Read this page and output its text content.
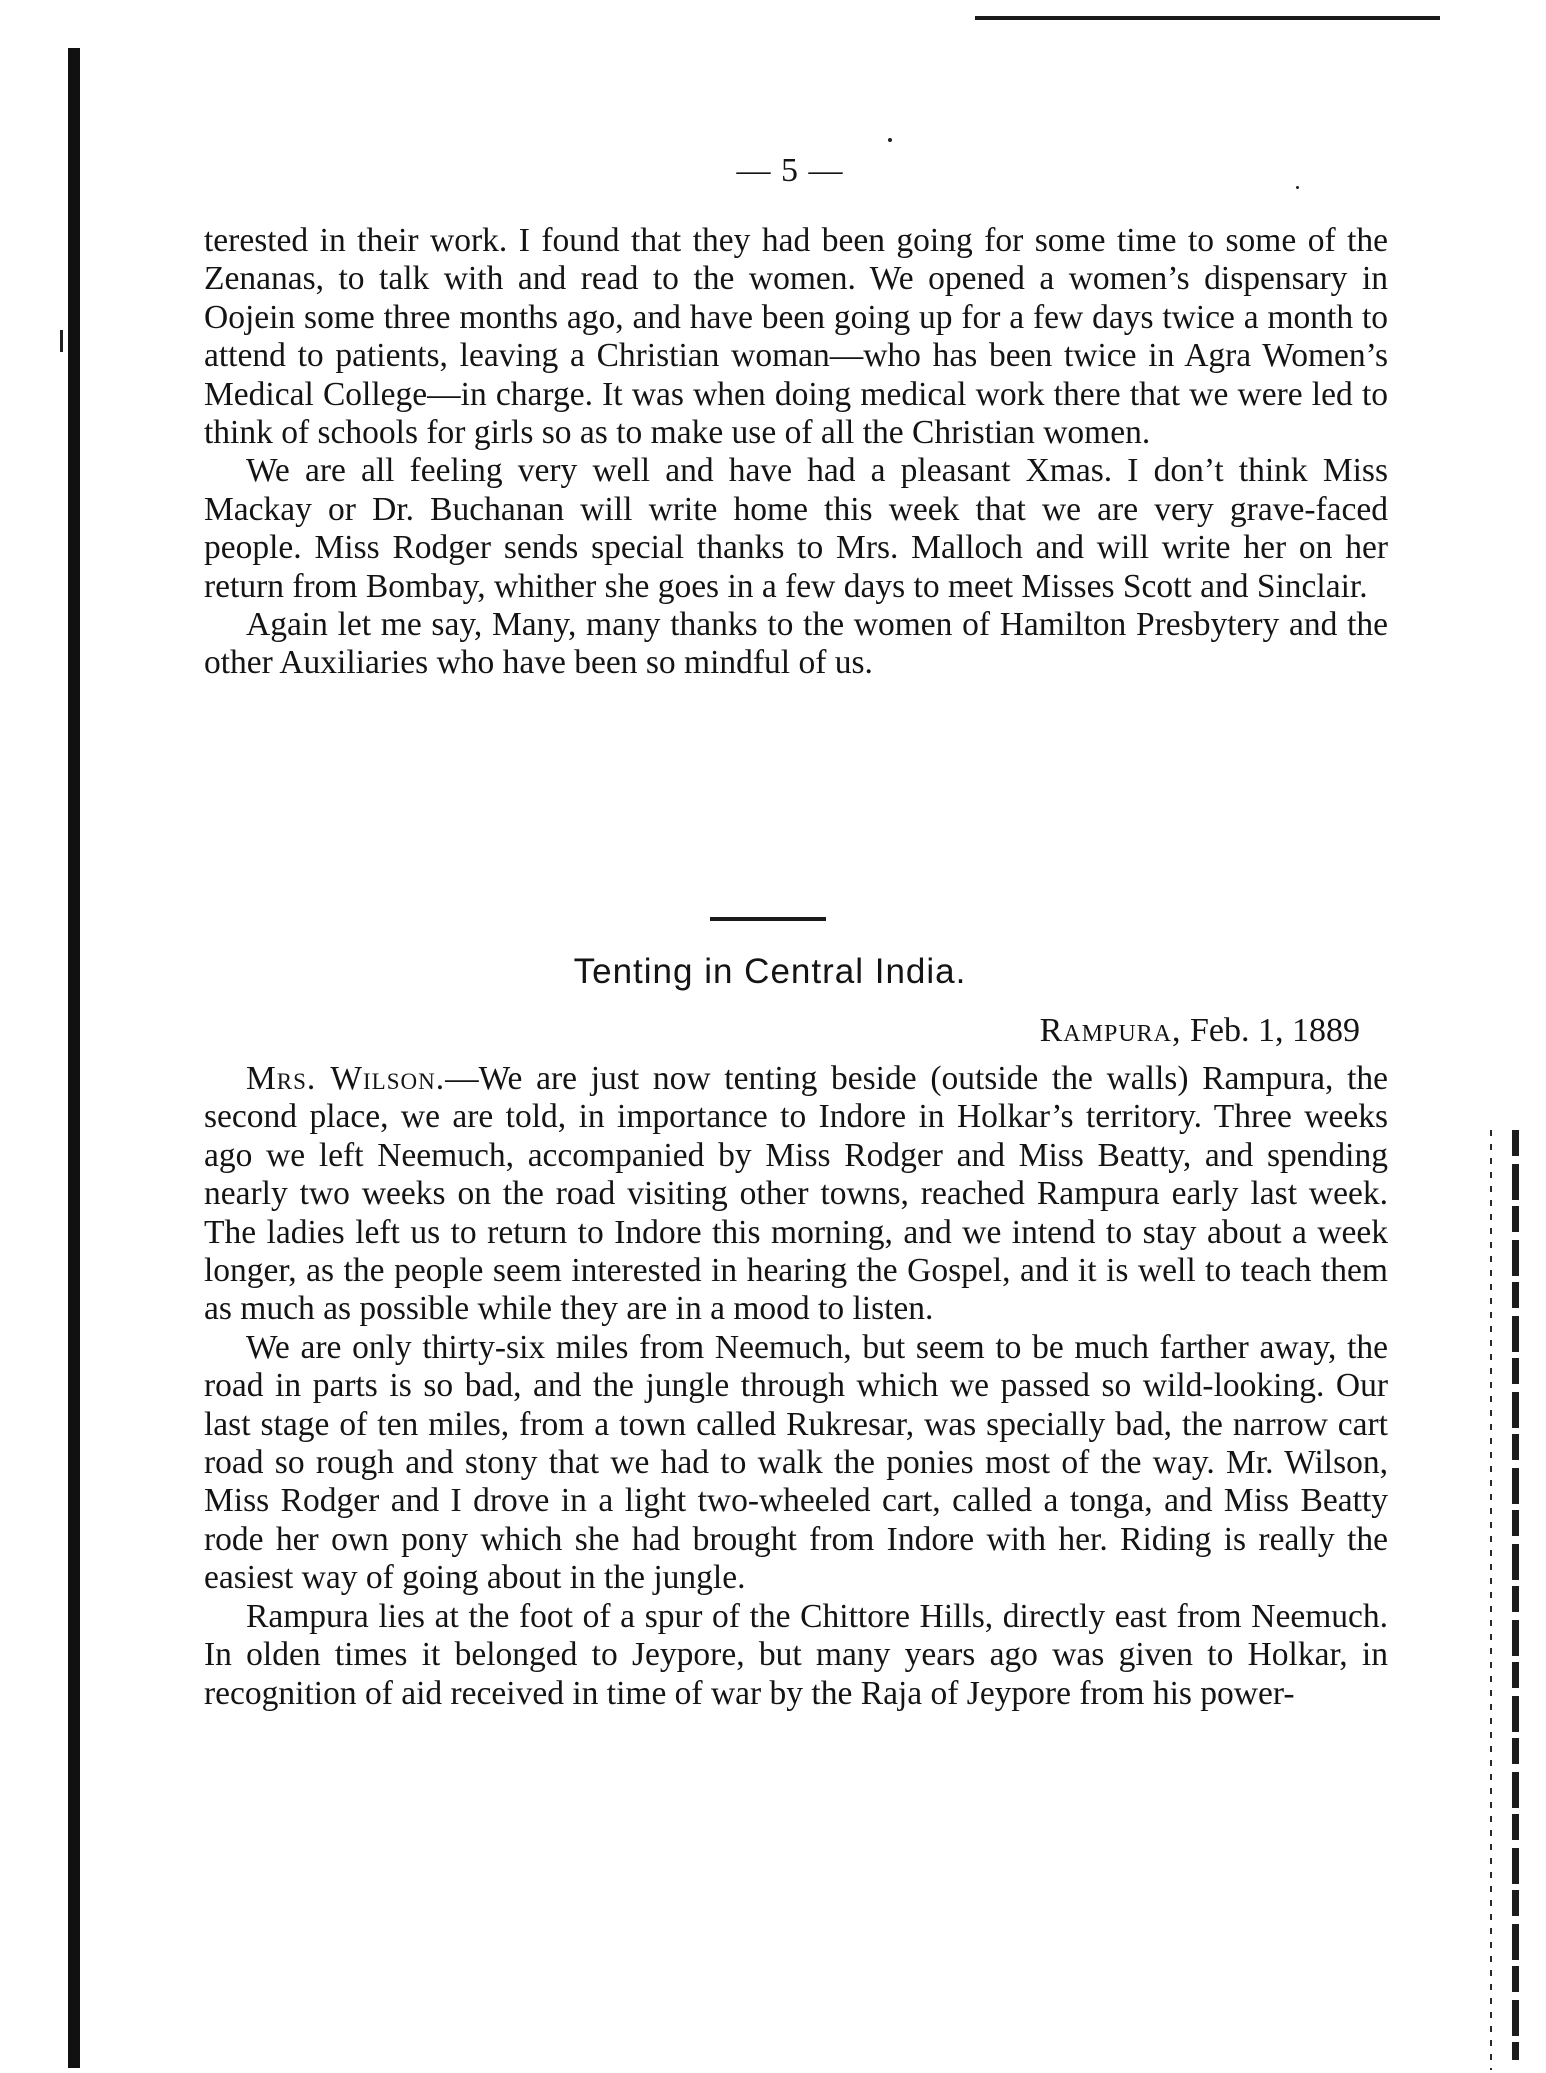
— 5 —

terested in their work. I found that they had been going for some time to some of the Zenanas, to talk with and read to the women. We opened a women’s dispensary in Oojein some three months ago, and have been going up for a few days twice a month to attend to patients, leaving a Christian woman—who has been twice in Agra Women’s Medical College—in charge. It was when doing medical work there that we were led to think of schools for girls so as to make use of all the Christian women.

We are all feeling very well and have had a pleasant Xmas. I don’t think Miss Mackay or Dr. Buchanan will write home this week that we are very grave-faced people. Miss Rodger sends special thanks to Mrs. Malloch and will write her on her return from Bombay, whither she goes in a few days to meet Misses Scott and Sinclair.

Again let me say, Many, many thanks to the women of Hamilton Presbytery and the other Auxiliaries who have been so mindful of us.

Tenting in Central India.
Rampura, Feb. 1, 1889

Mrs. Wilson.—We are just now tenting beside (outside the walls) Rampura, the second place, we are told, in importance to Indore in Holkar’s territory. Three weeks ago we left Neemuch, accompanied by Miss Rodger and Miss Beatty, and spending nearly two weeks on the road visiting other towns, reached Rampura early last week. The ladies left us to return to Indore this morning, and we intend to stay about a week longer, as the people seem interested in hearing the Gospel, and it is well to teach them as much as possible while they are in a mood to listen.

We are only thirty-six miles from Neemuch, but seem to be much farther away, the road in parts is so bad, and the jungle through which we passed so wild-looking. Our last stage of ten miles, from a town called Rukresar, was specially bad, the narrow cart road so rough and stony that we had to walk the ponies most of the way. Mr. Wilson, Miss Rodger and I drove in a light two-wheeled cart, called a tonga, and Miss Beatty rode her own pony which she had brought from Indore with her. Riding is really the easiest way of going about in the jungle.

Rampura lies at the foot of a spur of the Chittore Hills, directly east from Neemuch. In olden times it belonged to Jeypore, but many years ago was given to Holkar, in recognition of aid received in time of war by the Raja of Jeypore from his power-
